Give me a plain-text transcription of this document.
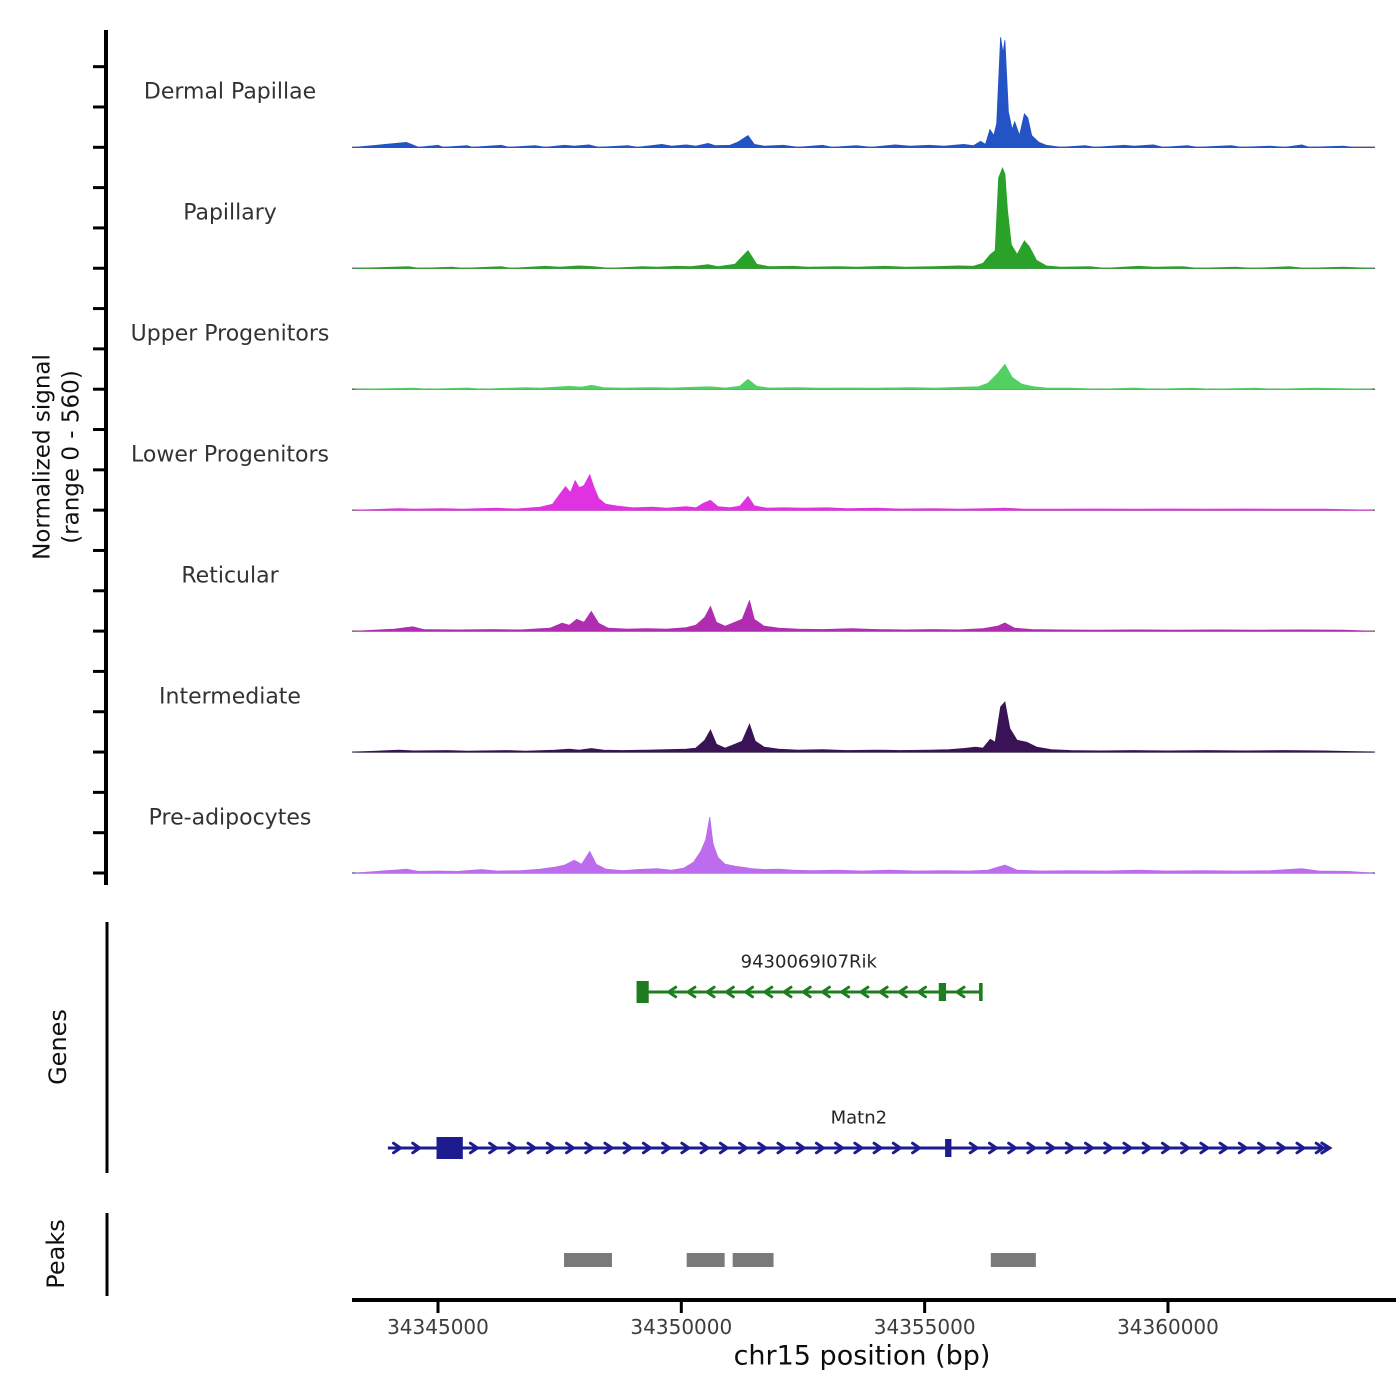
Normalized signal (range 0 - 560)
Genes
Peaks
chr15 position (bp)
Dermal Papillae
Papillary
Upper Progenitors
Lower Progenitors
Reticular
Intermediate
Pre-adipocytes
9430069I07Rik
Matn2
34345000	34350000	34355000	34360000
